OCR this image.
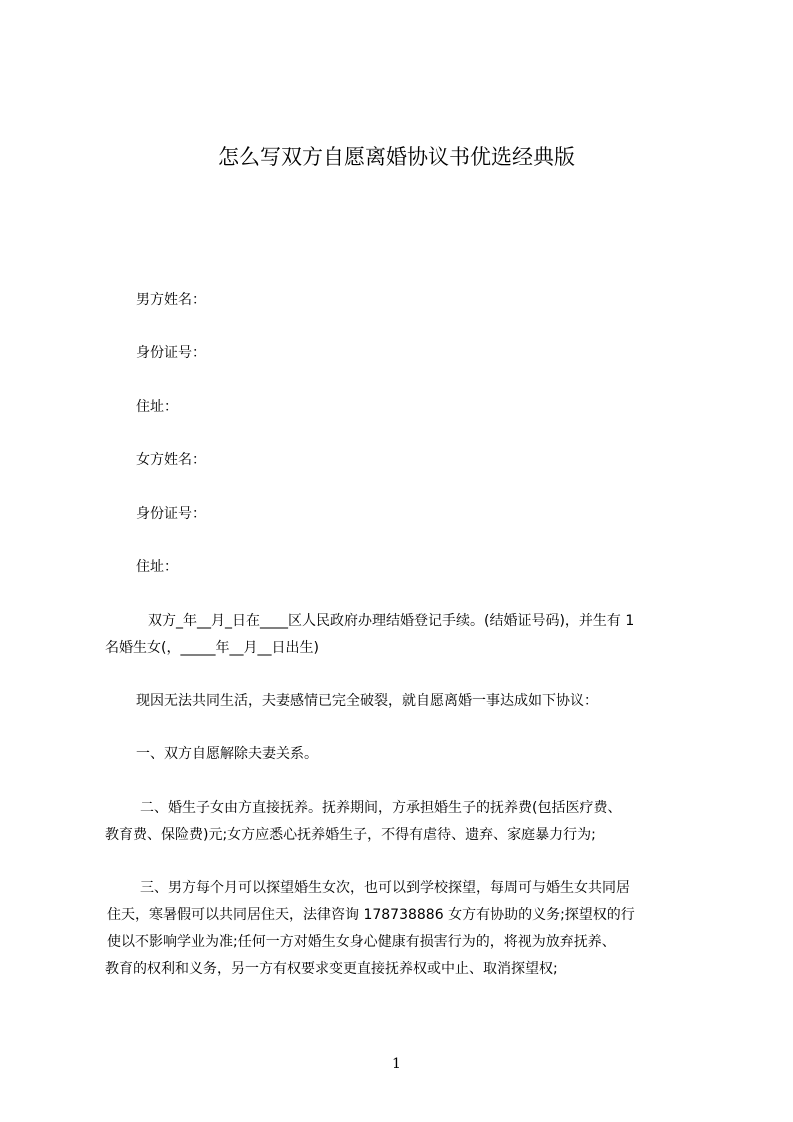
怎么写双方自愿离婚协议书优选经典版
男方姓名：
身份证号：
住址：
女方姓名：
身份证号：
住址：
双方_年__月_日在____区人民政府办理结婚登记手续。(结婚证号码)，并生有 1
名婚生女(，_____年__月__日出生)
现因无法共同生活，夫妻感情已完全破裂，就自愿离婚一事达成如下协议：
一、双方自愿解除夫妻关系。
二、婚生子女由方直接抚养。抚养期间，方承担婚生子的抚养费(包括医疗费、
教育费、保险费)元;女方应悉心抚养婚生子，不得有虐待、遗弃、家庭暴力行为;
三、男方每个月可以探望婚生女次，也可以到学校探望，每周可与婚生女共同居
住天，寒暑假可以共同居住天，法律咨询 178738886 女方有协助的义务;探望权的行
使以不影响学业为准;任何一方对婚生女身心健康有损害行为的，将视为放弃抚养、
教育的权利和义务，另一方有权要求变更直接抚养权或中止、取消探望权;
1
